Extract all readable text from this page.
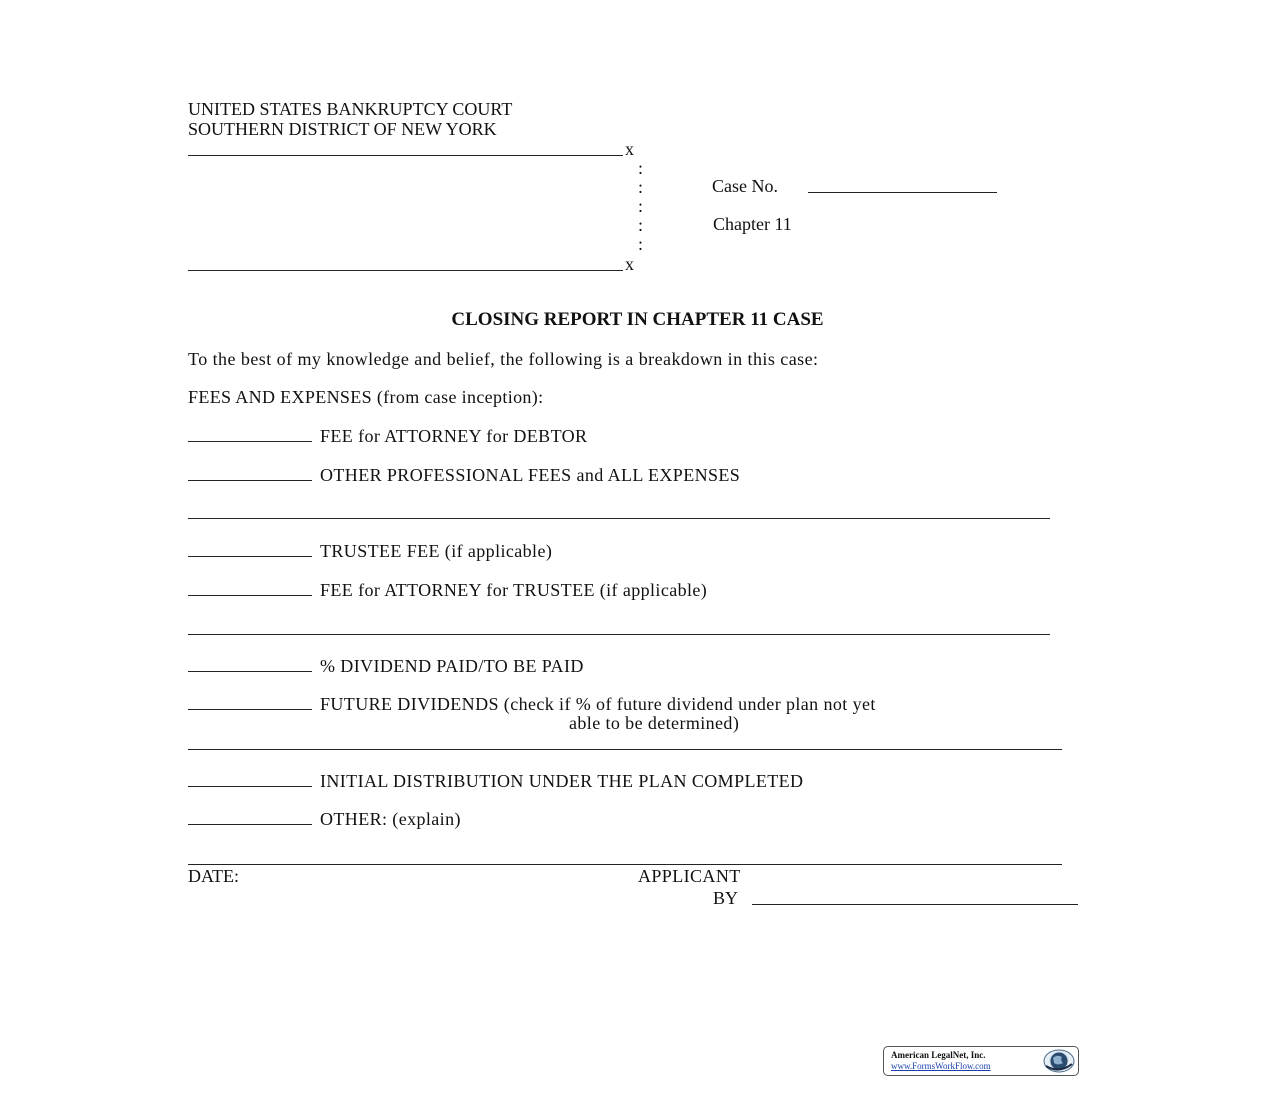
UNITED STATES BANKRUPTCY COURT
SOUTHERN DISTRICT OF NEW YORK
x
:
:
:
:
:
x
Case No.
Chapter 11
CLOSING REPORT IN CHAPTER 11 CASE
To the best of my knowledge and belief, the following is a breakdown in this case:
FEES AND EXPENSES (from case inception):
FEE for ATTORNEY for DEBTOR
OTHER PROFESSIONAL FEES and ALL EXPENSES
TRUSTEE FEE (if applicable)
FEE for ATTORNEY for TRUSTEE (if applicable)
% DIVIDEND PAID/TO BE PAID
FUTURE DIVIDENDS (check if % of future dividend under plan not yet
able to be determined)
INITIAL DISTRIBUTION UNDER THE PLAN COMPLETED
OTHER: (explain)
DATE:	APPLICANT
BY
American LegalNet, Inc.
www.FormsWorkFlow.com
